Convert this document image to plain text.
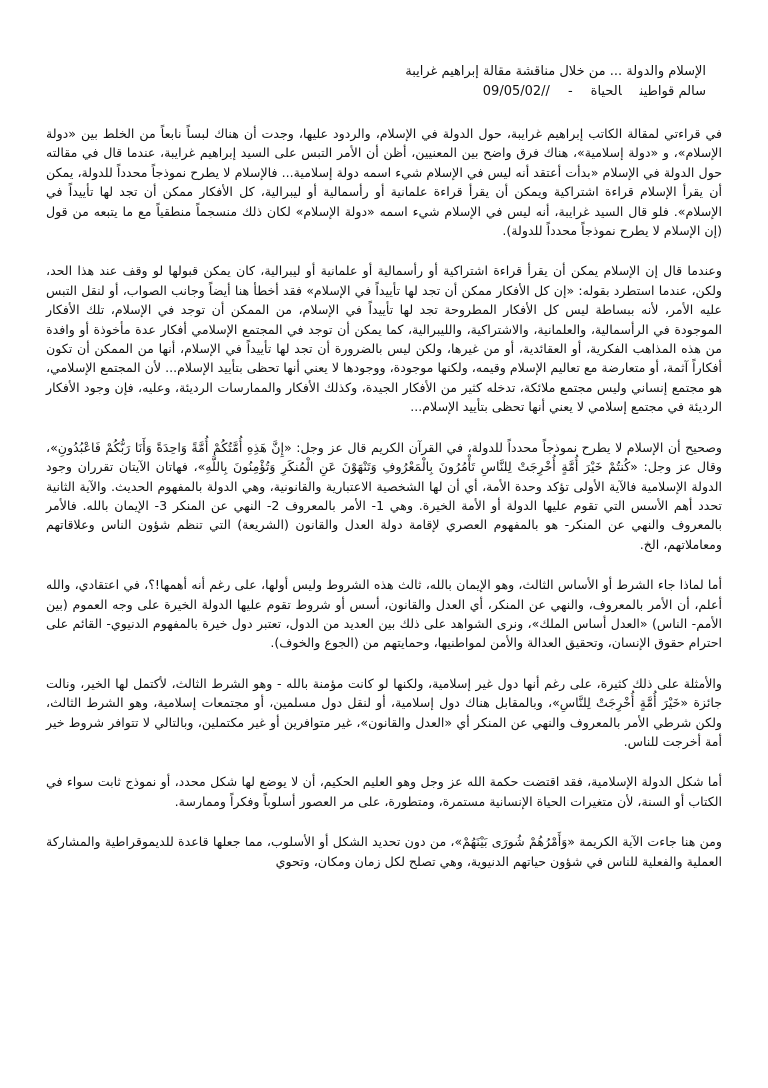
الإسلام والدولة ... من خلال مناقشة مقالة إبراهيم غرايبة
سالم قواطينالحياة-//09/05/02

في قراءتي لمقالة الكاتب إبراهيم غرايبة، حول الدولة في الإسلام، والردود عليها، وجدت أن هناك لبساً نابعاً من الخلط بين «دولة الإسلام»، و «دولة إسلامية»، هناك فرق واضح بين المعنيين، أظن أن الأمر التبس على السيد إبراهيم غرايبة، عندما قال في مقالته حول الدولة في الإسلام «بدأت أعتقد أنه ليس في الإسلام شيء اسمه دولة إسلامية... فالإسلام لا يطرح نموذجاً محدداً للدولة، يمكن أن يقرأ الإسلام قراءة اشتراكية ويمكن أن يقرأ قراءة علمانية أو رأسمالية أو ليبرالية، كل الأفكار ممكن أن تجد لها تأييداً في الإسلام». فلو قال السيد غرايبة، أنه ليس في الإسلام شيء اسمه «دولة الإسلام» لكان ذلك منسجماً منطقياً مع ما يتبعه من قول (إن الإسلام لا يطرح نموذجاً محدداً للدولة).

وعندما قال إن الإسلام يمكن أن يقرأ قراءة اشتراكية أو رأسمالية أو علمانية أو ليبرالية، كان يمكن قبولها لو وقف عند هذا الحد، ولكن، عندما استطرد بقوله: «إن كل الأفكار ممكن أن تجد لها تأييداً في الإسلام» فقد أخطأ هنا أيضاً وجانب الصواب، أو لنقل التبس عليه الأمر، لأنه ببساطة ليس كل الأفكار المطروحة تجد لها تأييداً في الإسلام، من الممكن أن توجد في الإسلام، تلك الأفكار الموجودة في الرأسمالية، والعلمانية، والاشتراكية، والليبرالية، كما يمكن أن توجد في المجتمع الإسلامي أفكار عدة مأخوذة أو وافدة من هذه المذاهب الفكرية، أو العقائدية، أو من غيرها، ولكن ليس بالضرورة أن تجد لها تأييداً في الإسلام، أنها من الممكن أن تكون أفكاراً آثمة، أو متعارضة مع تعاليم الإسلام وقيمه، ولكنها موجودة، ووجودها لا يعني أنها تحظى بتأييد الإسلام... لأن المجتمع الإسلامي، هو مجتمع إنساني وليس مجتمع ملائكة، تدخله كثير من الأفكار الجيدة، وكذلك الأفكار والممارسات الرديئة، وعليه، فإن وجود الأفكار الرديئة في مجتمع إسلامي لا يعني أنها تحظى بتأييد الإسلام...

وصحيح أن الإسلام لا يطرح نموذجاً محدداً للدولة، في القرآن الكريم قال عز وجل: «إِنَّ هَذِهِ أُمَّتُكُمْ أُمَّةً وَاحِدَةً وَأَنَا رَبُّكُمْ فَاعْبُدُونِ»، وقال عز وجل: «كُنتُمْ خَيْرَ أُمَّةٍ أُخْرِجَتْ لِلنَّاسِ تَأْمُرُونَ بِالْمَعْرُوفِ وَتَنْهَوْنَ عَنِ الْمُنكَرِ وَتُؤْمِنُونَ بِاللَّهِ»، فهاتان الآيتان تقرران وجود الدولة الإسلامية فالآية الأولى تؤكد وحدة الأمة، أي أن لها الشخصية الاعتبارية والقانونية، وهي الدولة بالمفهوم الحديث. والآية الثانية تحدد أهم الأسس التي تقوم عليها الدولة أو الأمة الخيرة. وهي 1- الأمر بالمعروف 2- النهي عن المنكر 3- الإيمان بالله. فالأمر بالمعروف والنهي عن المنكر- هو بالمفهوم العصري لإقامة دولة العدل والقانون (الشريعة) التي تنظم شؤون الناس وعلاقاتهم ومعاملاتهم، الخ.

أما لماذا جاء الشرط أو الأساس الثالث، وهو الإيمان بالله، ثالث هذه الشروط وليس أولها، على رغم أنه أهمها!؟، في اعتقادي، والله أعلم، أن الأمر بالمعروف، والنهي عن المنكر، أي العدل والقانون، أسس أو شروط تقوم عليها الدولة الخيرة على وجه العموم (بين الأمم- الناس) «العدل أساس الملك»، ونرى الشواهد على ذلك بين العديد من الدول، تعتبر دول خيرة بالمفهوم الدنيوي- القائم على احترام حقوق الإنسان، وتحقيق العدالة والأمن لمواطنيها، وحمايتهم من (الجوع والخوف).

والأمثلة على ذلك كثيرة، على رغم أنها دول غير إسلامية، ولكنها لو كانت مؤمنة بالله - وهو الشرط الثالث، لأكتمل لها الخير، ونالت جائزة «خَيْرَ أُمَّةٍ أُخْرِجَتْ لِلنَّاسِ»، وبالمقابل هناك دول إسلامية، أو لنقل دول مسلمين، أو مجتمعات إسلامية، وهو الشرط الثالث، ولكن شرطي الأمر بالمعروف والنهي عن المنكر أي «العدل والقانون»، غير متوافرين أو غير مكتملين، وبالتالي لا تتوافر شروط خير أمة أخرجت للناس.

أما شكل الدولة الإسلامية، فقد اقتضت حكمة الله عز وجل وهو العليم الحكيم، أن لا يوضع لها شكل محدد، أو نموذج ثابت سواء في الكتاب أو السنة، لأن متغيرات الحياة الإنسانية مستمرة، ومتطورة، على مر العصور أسلوباً وفكراً وممارسة.

ومن هنا جاءت الآية الكريمة «وَأَمْرُهُمْ شُورَى بَيْنَهُمْ»، من دون تحديد الشكل أو الأسلوب، مما جعلها قاعدة للديموقراطية والمشاركة العملية والفعلية للناس في شؤون حياتهم الدنيوية، وهي تصلح لكل زمان ومكان، وتحوي
